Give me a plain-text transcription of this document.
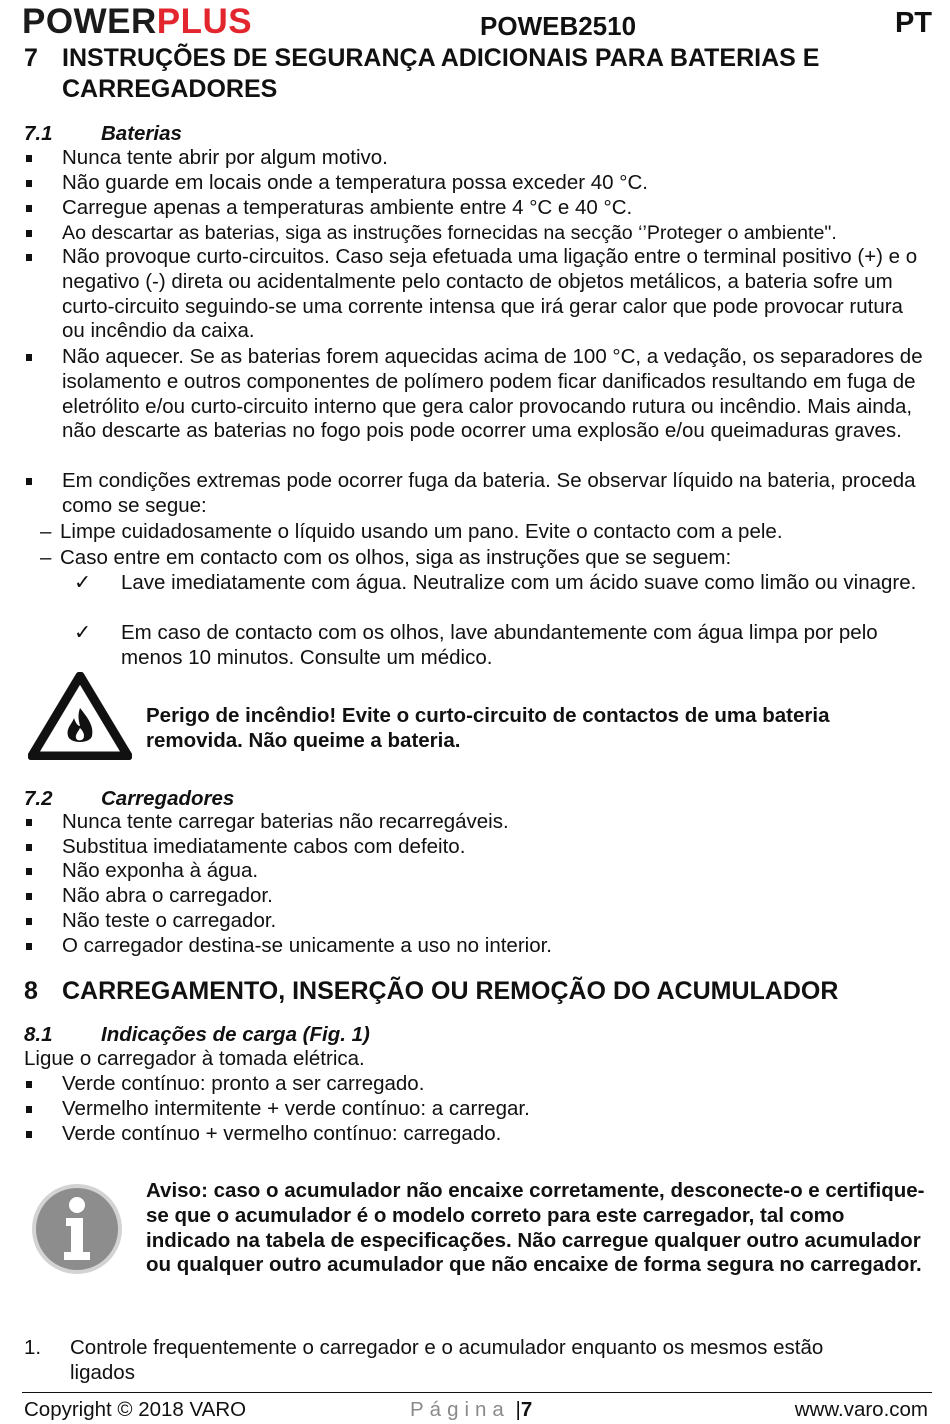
POWERPLUS	POWEB2510	PT
7 INSTRUÇÕES DE SEGURANÇA ADICIONAIS PARA BATERIAS E CARREGADORES
7.1 Baterias
Nunca tente abrir por algum motivo.
Não guarde em locais onde a temperatura possa exceder 40 °C.
Carregue apenas a temperaturas ambiente entre 4 °C e 40 °C.
Ao descartar as baterias, siga as instruções fornecidas na secção ‘’Proteger o ambiente".
Não provoque curto-circuitos. Caso seja efetuada uma ligação entre o terminal positivo (+) e o negativo (-) direta ou acidentalmente pelo contacto de objetos metálicos, a bateria sofre um curto-circuito seguindo-se uma corrente intensa que irá gerar calor que pode provocar rutura ou incêndio da caixa.
Não aquecer. Se as baterias forem aquecidas acima de 100 °C, a vedação, os separadores de isolamento e outros componentes de polímero podem ficar danificados resultando em fuga de eletrólito e/ou curto-circuito interno que gera calor provocando rutura ou incêndio. Mais ainda, não descarte as baterias no fogo pois pode ocorrer uma explosão e/ou queimaduras graves.
Em condições extremas pode ocorrer fuga da bateria. Se observar líquido na bateria, proceda como se segue:
– Limpe cuidadosamente o líquido usando um pano. Evite o contacto com a pele.
– Caso entre em contacto com os olhos, siga as instruções que se seguem:
✓ Lave imediatamente com água. Neutralize com um ácido suave como limão ou vinagre.
✓ Em caso de contacto com os olhos, lave abundantemente com água limpa por pelo menos 10 minutos. Consulte um médico.
Perigo de incêndio! Evite o curto-circuito de contactos de uma bateria removida. Não queime a bateria.
7.2 Carregadores
Nunca tente carregar baterias não recarregáveis.
Substitua imediatamente cabos com defeito.
Não exponha à água.
Não abra o carregador.
Não teste o carregador.
O carregador destina-se unicamente a uso no interior.
8 CARREGAMENTO, INSERÇÃO OU REMOÇÃO DO ACUMULADOR
8.1 Indicações de carga (Fig. 1)
Ligue o carregador à tomada elétrica.
Verde contínuo: pronto a ser carregado.
Vermelho intermitente + verde contínuo: a carregar.
Verde contínuo + vermelho contínuo: carregado.
Aviso: caso o acumulador não encaixe corretamente, desconecte-o e certifique-se que o acumulador é o modelo correto para este carregador, tal como indicado na tabela de especificações. Não carregue qualquer outro acumulador ou qualquer outro acumulador que não encaixe de forma segura no carregador.
1. Controle frequentemente o carregador e o acumulador enquanto os mesmos estão ligados
Copyright © 2018 VARO	Página |7	www.varo.com
